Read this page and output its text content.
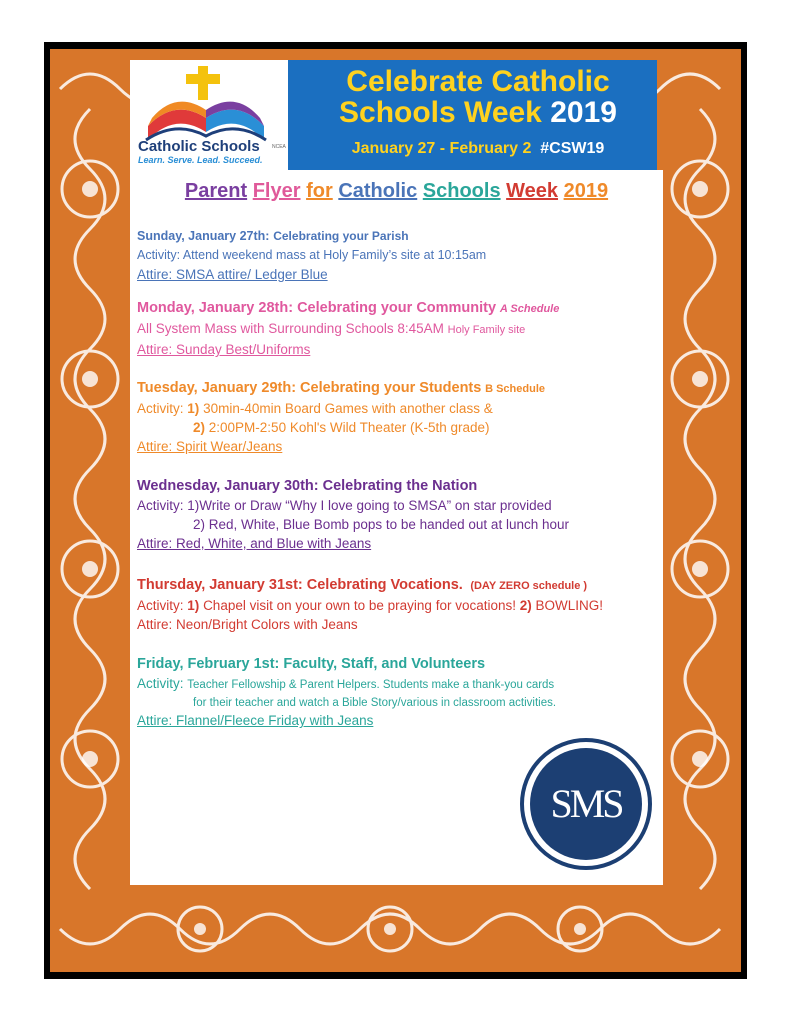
NCEA
Catholic Schools
Learn. Serve. Lead. Succeed.
Celebrate Catholic
Schools Week 2019
January 27 - February 2 #CSW19
Parent Flyer for Catholic Schools Week 2019
Sunday, January 27th: Celebrating your Parish
Activity: Attend weekend mass at Holy Family’s site at 10:15am
Attire: SMSA attire/ Ledger Blue
Monday, January 28th: Celebrating your Community A Schedule
All System Mass with Surrounding Schools 8:45AM Holy Family site
Attire: Sunday Best/Uniforms
Tuesday, January 29th: Celebrating your Students B Schedule
Activity: 1) 30min-40min Board Games with another class &
2) 2:00PM-2:50 Kohl's Wild Theater (K-5th grade)
Attire: Spirit Wear/Jeans
Wednesday, January 30th: Celebrating the Nation
Activity: 1)Write or Draw “Why I love going to SMSA” on star provided
2) Red, White, Blue Bomb pops to be handed out at lunch hour
Attire: Red, White, and Blue with Jeans
Thursday, January 31st: Celebrating Vocations. (DAY ZERO schedule )
Activity: 1) Chapel visit on your own to be praying for vocations! 2) BOWLING!
Attire: Neon/Bright Colors with Jeans
Friday, February 1st: Faculty, Staff, and Volunteers
Activity: Teacher Fellowship & Parent Helpers. Students make a thank-you cards
for their teacher and watch a Bible Story/various in classroom activities.
Attire: Flannel/Fleece Friday with Jeans
SMS
